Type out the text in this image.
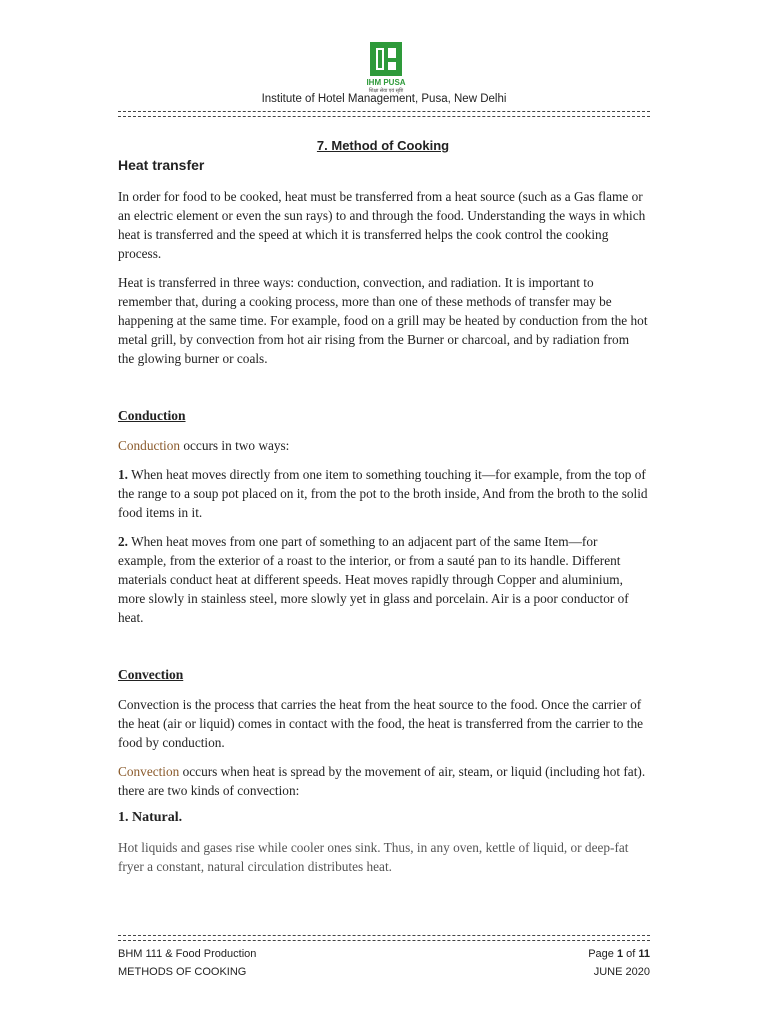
IHM PUSA
शिक्षा सेवा एवं सृष्टि
Institute of Hotel Management, Pusa, New Delhi
7. Method of Cooking
Heat transfer

In order for food to be cooked, heat must be transferred from a heat source (such as a Gas flame or an electric element or even the sun rays) to and through the food. Understanding the ways in which heat is transferred and the speed at which it is transferred helps the cook control the cooking process.

Heat is transferred in three ways: conduction, convection, and radiation. It is important to remember that, during a cooking process, more than one of these methods of transfer may be happening at the same time. For example, food on a grill may be heated by conduction from the hot metal grill, by convection from hot air rising from the Burner or charcoal, and by radiation from the glowing burner or coals.

Conduction

Conduction occurs in two ways:

1. When heat moves directly from one item to something touching it—for example, from the top of the range to a soup pot placed on it, from the pot to the broth inside, And from the broth to the solid food items in it.

2. When heat moves from one part of something to an adjacent part of the same Item—for example, from the exterior of a roast to the interior, or from a sauté pan to its handle. Different materials conduct heat at different speeds. Heat moves rapidly through Copper and aluminium, more slowly in stainless steel, more slowly yet in glass and porcelain. Air is a poor conductor of heat.

Convection

Convection is the process that carries the heat from the heat source to the food. Once the carrier of the heat (air or liquid) comes in contact with the food, the heat is transferred from the carrier to the food by conduction.

Convection occurs when heat is spread by the movement of air, steam, or liquid (including hot fat). there are two kinds of convection:

1. Natural.

Hot liquids and gases rise while cooler ones sink. Thus, in any oven, kettle of liquid, or deep-fat fryer a constant, natural circulation distributes heat.

BHM 111 & Food Production	Page 1 of 11
METHODS OF COOKING	JUNE 2020
